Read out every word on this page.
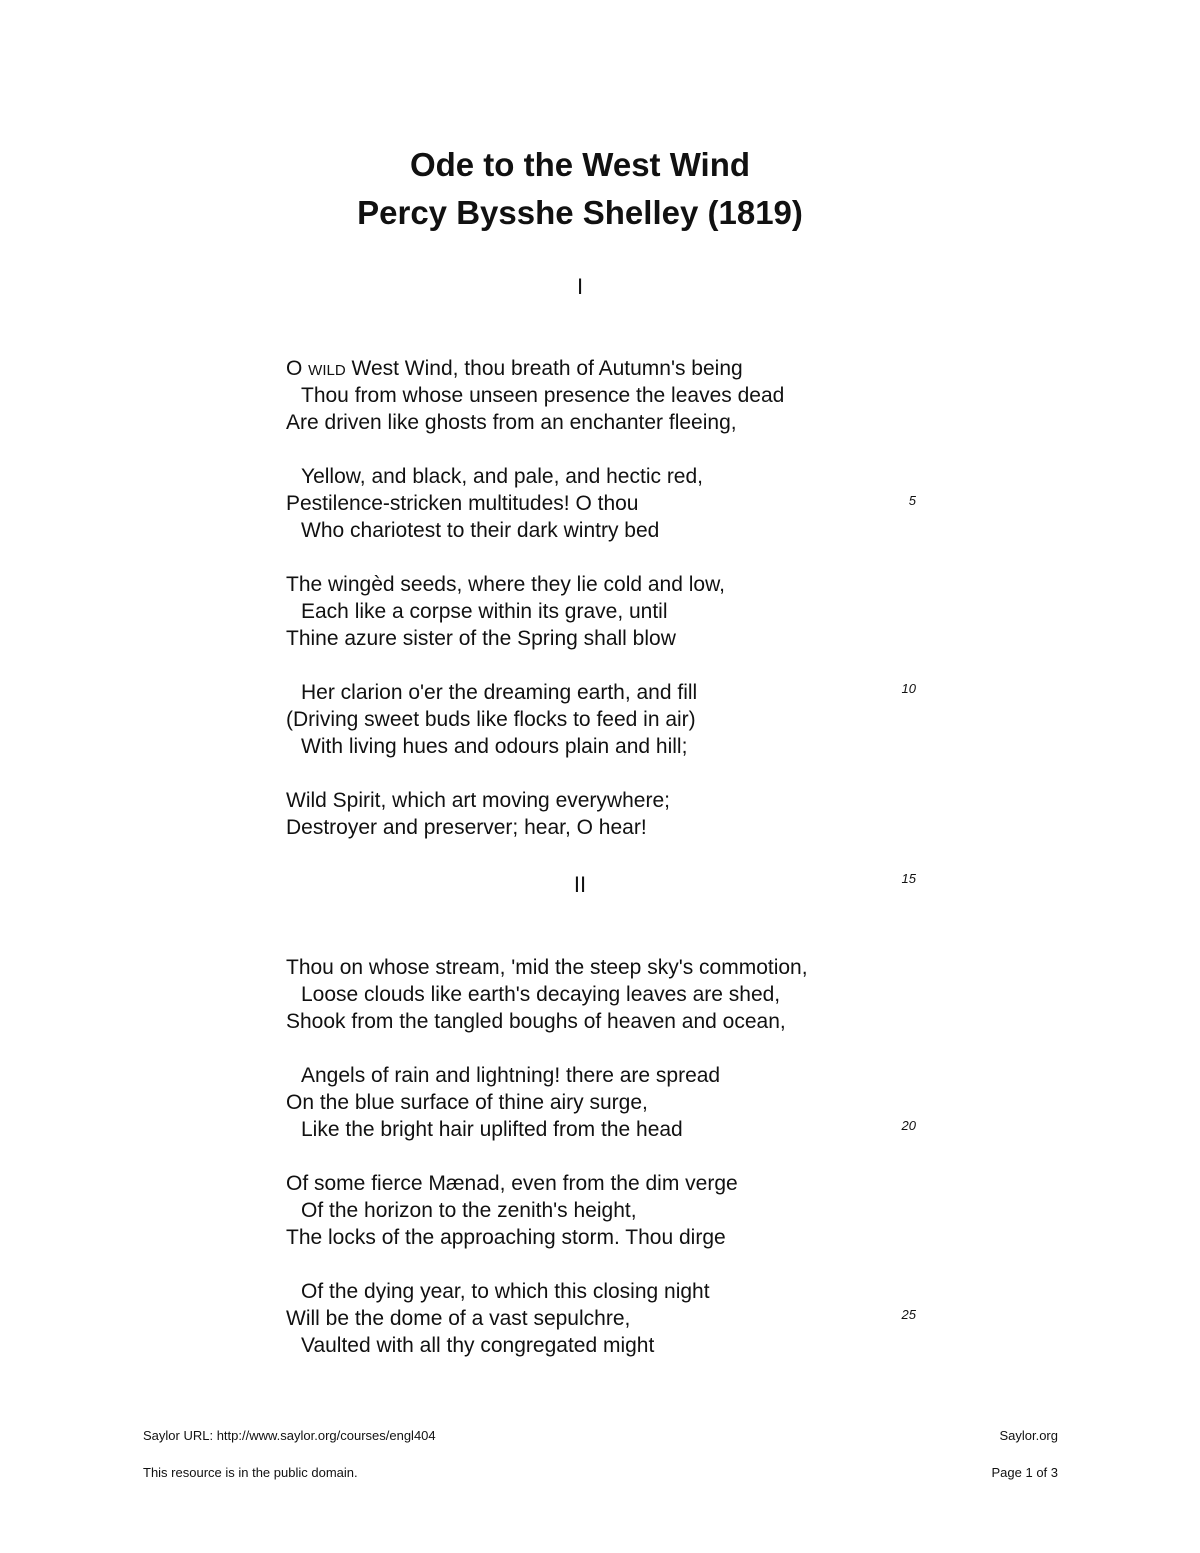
Ode to the West Wind
Percy Bysshe Shelley (1819)
I
O wild West Wind, thou breath of Autumn's being
Thou from whose unseen presence the leaves dead
Are driven like ghosts from an enchanter fleeing,
Yellow, and black, and pale, and hectic red,
Pestilence-stricken multitudes! O thou
Who chariotest to their dark wintry bed
The wingèd seeds, where they lie cold and low,
Each like a corpse within its grave, until
Thine azure sister of the Spring shall blow
Her clarion o'er the dreaming earth, and fill
(Driving sweet buds like flocks to feed in air)
With living hues and odours plain and hill;
Wild Spirit, which art moving everywhere;
Destroyer and preserver; hear, O hear!
II
Thou on whose stream, 'mid the steep sky's commotion,
Loose clouds like earth's decaying leaves are shed,
Shook from the tangled boughs of heaven and ocean,
Angels of rain and lightning! there are spread
On the blue surface of thine airy surge,
Like the bright hair uplifted from the head
Of some fierce Mænad, even from the dim verge
Of the horizon to the zenith's height,
The locks of the approaching storm. Thou dirge
Of the dying year, to which this closing night
Will be the dome of a vast sepulchre,
Vaulted with all thy congregated might
5
10
15
20
25
Saylor URL: http://www.saylor.org/courses/engl404	Saylor.org
This resource is in the public domain.	Page 1 of 3
